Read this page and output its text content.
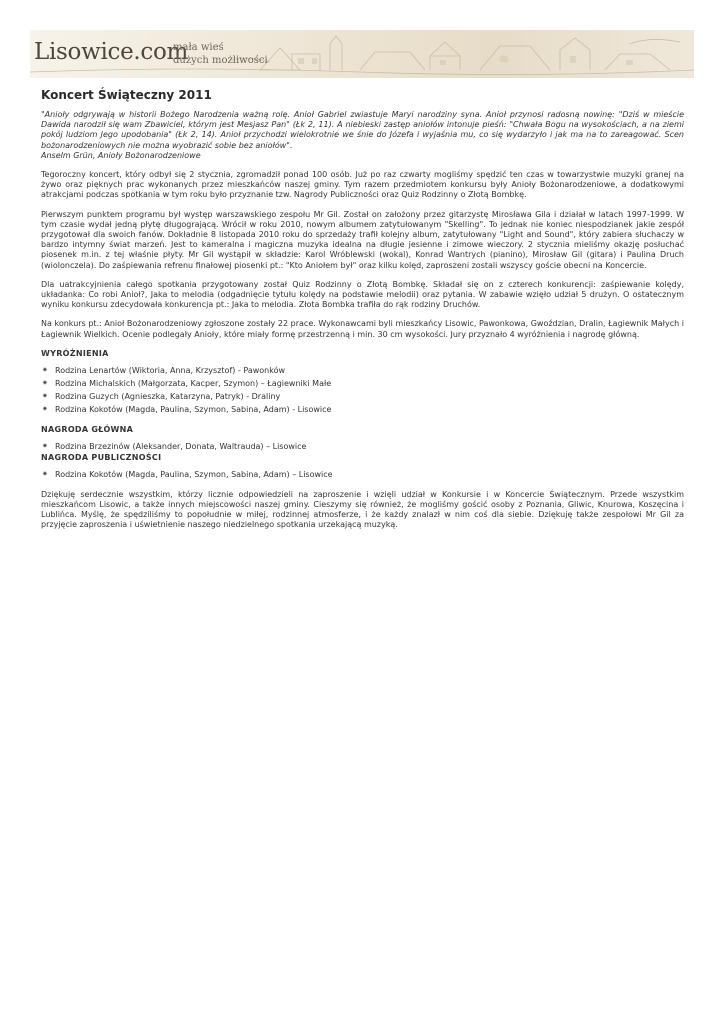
Lisowice.com
mała wieś
dużych możliwości
Koncert Świąteczny 2011
"Anioły odgrywają w historii Bożego Narodzenia ważną rolę. Anioł Gabriel zwiastuje Maryi narodziny syna. Anioł przynosi radosną nowinę: "Dziś w mieście Dawida narodził się wam Zbawiciel, którym jest Mesjasz Pan" (Łk 2, 11). A niebieski zastęp aniołów intonuje pieśń: "Chwała Bogu na wysokościach, a na ziemi pokój ludziom Jego upodobania" (Łk 2, 14). Anioł przychodzi wielokrotnie we śnie do Józefa i wyjaśnia mu, co się wydarzyło i jak ma na to zareagować. Scen bożonarodzeniowych nie można wyobrazić sobie bez aniołów".
Anselm Grün, Anioły Bożonarodzeniowe

Tegoroczny koncert, który odbył się 2 stycznia, zgromadził ponad 100 osób. Już po raz czwarty mogliśmy spędzić ten czas w towarzystwie muzyki granej na żywo oraz pięknych prac wykonanych przez mieszkańców naszej gminy. Tym razem przedmiotem konkursu były Anioły Bożonarodzeniowe, a dodatkowymi atrakcjami podczas spotkania w tym roku było przyznanie tzw. Nagrody Publiczności oraz Quiz Rodzinny o Złotą Bombkę.

Pierwszym punktem programu był występ warszawskiego zespołu Mr Gil. Został on założony przez gitarzystę Mirosława Gila i działał w latach 1997-1999. W tym czasie wydał jedną płytę długogrającą. Wrócił w roku 2010, nowym albumem zatytułowanym "Skelling". To jednak nie koniec niespodzianek jakie zespół przygotował dla swoich fanów. Dokładnie 8 listopada 2010 roku do sprzedaży trafił kolejny album, zatytułowany "Light and Sound", który zabiera słuchaczy w bardzo intymny świat marzeń. Jest to kameralna i magiczna muzyka idealna na długie jesienne i zimowe wieczory. 2 stycznia mieliśmy okazję posłuchać piosenek m.in. z tej właśnie płyty. Mr Gil wystąpił w składzie: Karol Wróblewski (wokal), Konrad Wantrych (pianino), Mirosław Gil (gitara) i Paulina Druch (wiolonczela). Do zaśpiewania refrenu finałowej piosenki pt.: "Kto Aniołem był" oraz kilku kolęd, zaproszeni zostali wszyscy goście obecni na Koncercie.

Dla uatrakcyjnienia całego spotkania przygotowany został Quiz Rodzinny o Złotą Bombkę. Składał się on z czterech konkurencji: zaśpiewanie kolędy, układanka: Co robi Anioł?, Jaka to melodia (odgadnięcie tytułu kolędy na podstawie melodii) oraz pytania. W zabawie wzięło udział 5 drużyn. O ostatecznym wyniku konkursu zdecydowała konkurencja pt.: Jaka to melodia. Złota Bombka trafiła do rąk rodziny Druchów.

Na konkurs pt.: Anioł Bożonarodzeniowy zgłoszone zostały 22 prace. Wykonawcami byli mieszkańcy Lisowic, Pawonkowa, Gwoździan, Dralin, Łagiewnik Małych i Łagiewnik Wielkich. Ocenie podlegały Anioły, które miały formę przestrzenną i min. 30 cm wysokości. Jury przyznało 4 wyróżnienia i nagrodę główną.

WYRÓŻNIENIA
✷ Rodzina Lenartów (Wiktoria, Anna, Krzysztof) - Pawonków
✷ Rodzina Michalskich (Małgorzata, Kacper, Szymon) – Łagiewniki Małe
✷ Rodzina Guzych (Agnieszka, Katarzyna, Patryk) - Draliny
✷ Rodzina Kokotów (Magda, Paulina, Szymon, Sabina, Adam) - Lisowice
NAGRODA GŁÓWNA
✷ Rodzina Brzezinów (Aleksander, Donata, Waltrauda) – Lisowice
NAGRODA PUBLICZNOŚCI
✷ Rodzina Kokotów (Magda, Paulina, Szymon, Sabina, Adam) – Lisowice

Dziękuję serdecznie wszystkim, którzy licznie odpowiedzieli na zaproszenie i wzięli udział w Konkursie i w Koncercie Świątecznym. Przede wszystkim mieszkańcom Lisowic, a także innych miejscowości naszej gminy. Cieszymy się również, że mogliśmy gościć osoby z Poznania, Gliwic, Knurowa, Koszęcina i Lublińca. Myślę, że spędziliśmy to popołudnie w miłej, rodzinnej atmosferze, i że każdy znalazł w nim coś dla siebie. Dziękuję także zespołowi Mr Gil za przyjęcie zaproszenia i uświetnienie naszego niedzielnego spotkania urzekającą muzyką.
